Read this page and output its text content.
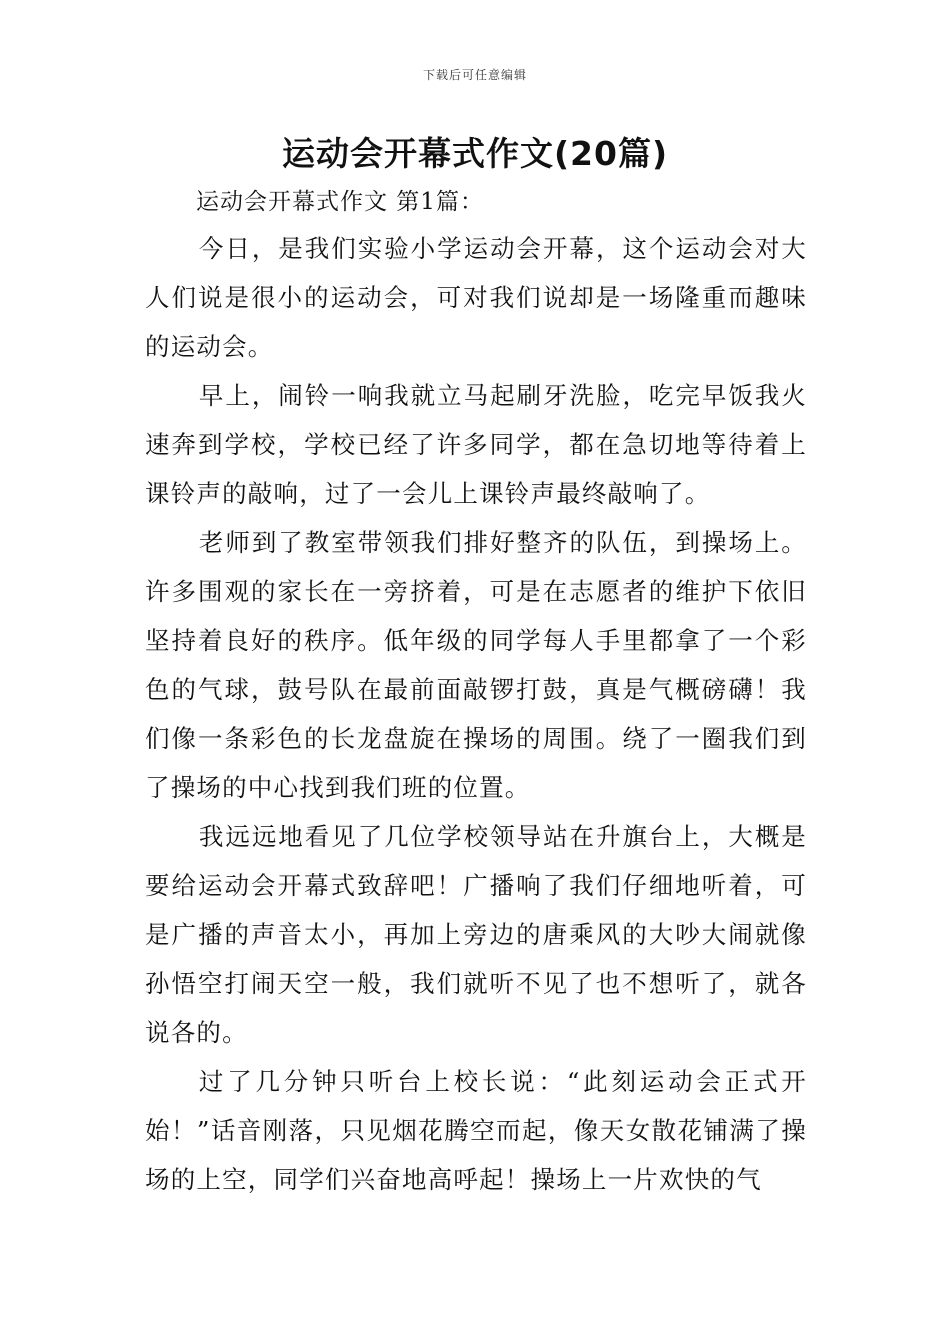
下载后可任意编辑
运动会开幕式作文(20篇)
运动会开幕式作文 第1篇：

今日，是我们实验小学运动会开幕，这个运动会对大人们说是很小的运动会，可对我们说却是一场隆重而趣味的运动会。

早上，闹铃一响我就立马起刷牙洗脸，吃完早饭我火速奔到学校，学校已经了许多同学，都在急切地等待着上课铃声的敲响，过了一会儿上课铃声最终敲响了。

老师到了教室带领我们排好整齐的队伍，到操场上。许多围观的家长在一旁挤着，可是在志愿者的维护下依旧坚持着良好的秩序。低年级的同学每人手里都拿了一个彩色的气球，鼓号队在最前面敲锣打鼓，真是气概磅礴！我们像一条彩色的长龙盘旋在操场的周围。绕了一圈我们到了操场的中心找到我们班的位置。

我远远地看见了几位学校领导站在升旗台上，大概是要给运动会开幕式致辞吧！广播响了我们仔细地听着，可是广播的声音太小，再加上旁边的唐乘风的大吵大闹就像孙悟空打闹天空一般，我们就听不见了也不想听了，就各说各的。

过了几分钟只听台上校长说：“此刻运动会正式开始！”话音刚落，只见烟花腾空而起，像天女散花铺满了操场的上空，同学们兴奋地高呼起！操场上一片欢快的气
